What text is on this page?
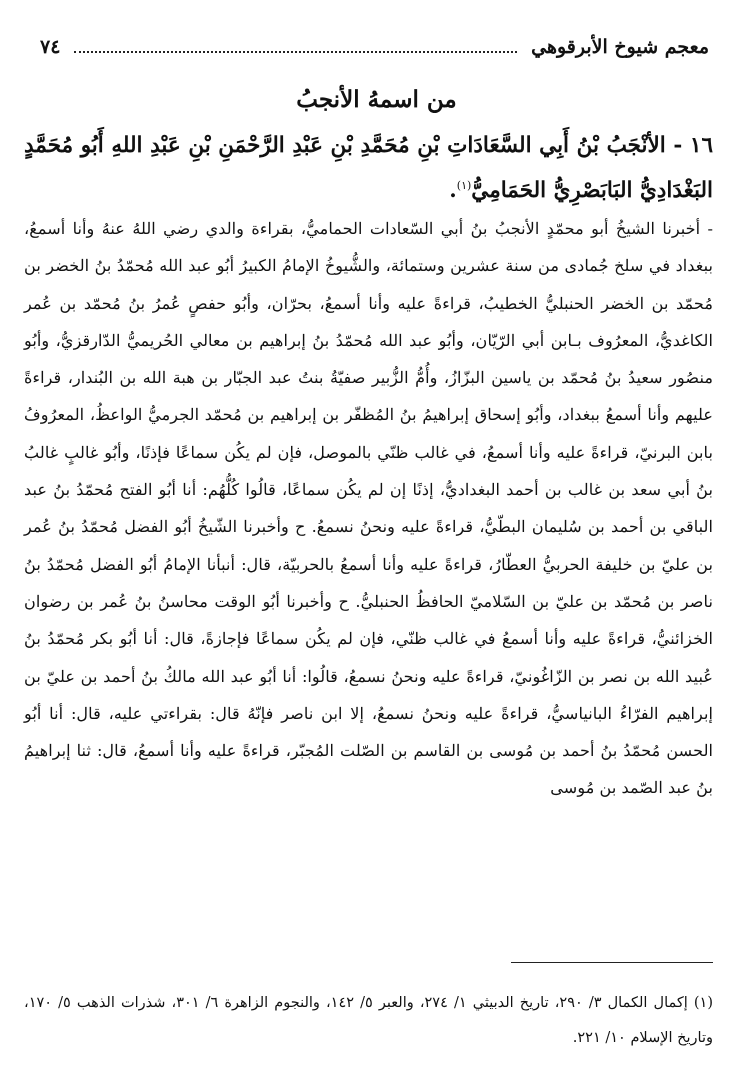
معجم شيوخ الأبرقوهي
٧٤
من اسمهُ الأنجبُ
١٦ - الأنْجَبُ بْنُ أَبِي السَّعَادَاتِ بْنِ مُحَمَّدِ بْنِ عَبْدِ الرَّحْمَنِ بْنِ عَبْدِ اللهِ أَبُو مُحَمَّدٍ البَغْدَادِيُّ البَابَصْرِيُّ الحَمَامِيُّ$^{(١)}$.

- أخبرنا الشيخُ أبو محمّدٍ الأنجبُ بنُ أبي السّعادات الحماميُّ، بقراءة والدي رضي اللهُ عنهُ وأنا أسمعُ، ببغداد في سلخ جُمادى من سنة عشرين وستمائة، والشُّيوخُ الإمامُ الكبيرُ أبُو عبد الله مُحمّدُ بنُ الخضر بن مُحمّد بن الخضر الحنبليُّ الخطيبُ، قراءةً عليه وأنا أسمعُ، بحرّان، وأبُو حفصٍ عُمرُ بنُ مُحمّد بن عُمر الكاغديُّ، المعرُوف بـابن أبي الرّيّان، وأبُو عبد الله مُحمّدُ بنُ إبراهيم بن معالي الحُريميُّ الدّارقزيُّ، وأبُو منصُور سعيدُ بنُ مُحمّد بن ياسين البزّازُ، وأُمُّ الزُّبير صفيّةُ بنتُ عبد الجبّار بن هبة الله بن البُندار، قراءةً عليهم وأنا أسمعُ ببغداد، وأبُو إسحاق إبراهيمُ بنُ المُظفّر بن إبراهيم بن مُحمّد الجرميُّ الواعظُ، المعرُوفُ بابن البرنيّ، قراءةً عليه وأنا أسمعُ، في غالب ظنّي بالموصل، فإن لم يكُن سماعًا فإذنًا، وأبُو غالبٍ غالبُ بنُ أبي سعد بن غالب بن أحمد البغداديُّ، إذنًا إن لم يكُن سماعًا، قالُوا كُلُّهُم: أنا أبُو الفتح مُحمّدُ بنُ عبد الباقي بن أحمد بن سُليمان البطّيُّ، قراءةً عليه ونحنُ نسمعُ. ح وأخبرنا الشّيخُ أبُو الفضل مُحمّدُ بنُ عُمر بن عليّ بن خليفة الحربيُّ العطّارُ، قراءةً عليه وأنا أسمعُ بالحربيّة، قال: أنبأنا الإمامُ أبُو الفضل مُحمّدُ بنُ ناصر بن مُحمّد بن عليّ بن السّلاميّ الحافظُ الحنبليُّ. ح وأخبرنا أبُو الوقت محاسنُ بنُ عُمر بن رضوان الخزائنيُّ، قراءةً عليه وأنا أسمعُ في غالب ظنّي، فإن لم يكُن سماعًا فإجازةً، قال: أنا أبُو بكر مُحمّدُ بنُ عُبيد الله بن نصر بن الزّاغُونيّ، قراءةً عليه ونحنُ نسمعُ، قالُوا: أنا أبُو عبد الله مالكُ بنُ أحمد بن عليّ بن إبراهيم الفرّاءُ البانياسيُّ، قراءةً عليه ونحنُ نسمعُ، إلا ابن ناصر فإنّهُ قال: بقراءتي عليه، قال: أنا أبُو الحسن مُحمّدُ بنُ أحمد بن مُوسى بن القاسم بن الصّلت المُجبّر، قراءةً عليه وأنا أسمعُ، قال: ثنا إبراهيمُ بنُ عبد الصّمد بن مُوسى

(١) إكمال الكمال ٣/ ٢٩٠، تاريخ الدبيثي ١/ ٢٧٤، والعبر ٥/ ١٤٢، والنجوم الزاهرة ٦/ ٣٠١، شذرات الذهب ٥/ ١٧٠، وتاريخ الإسلام ١٠/ ٢٢١.
